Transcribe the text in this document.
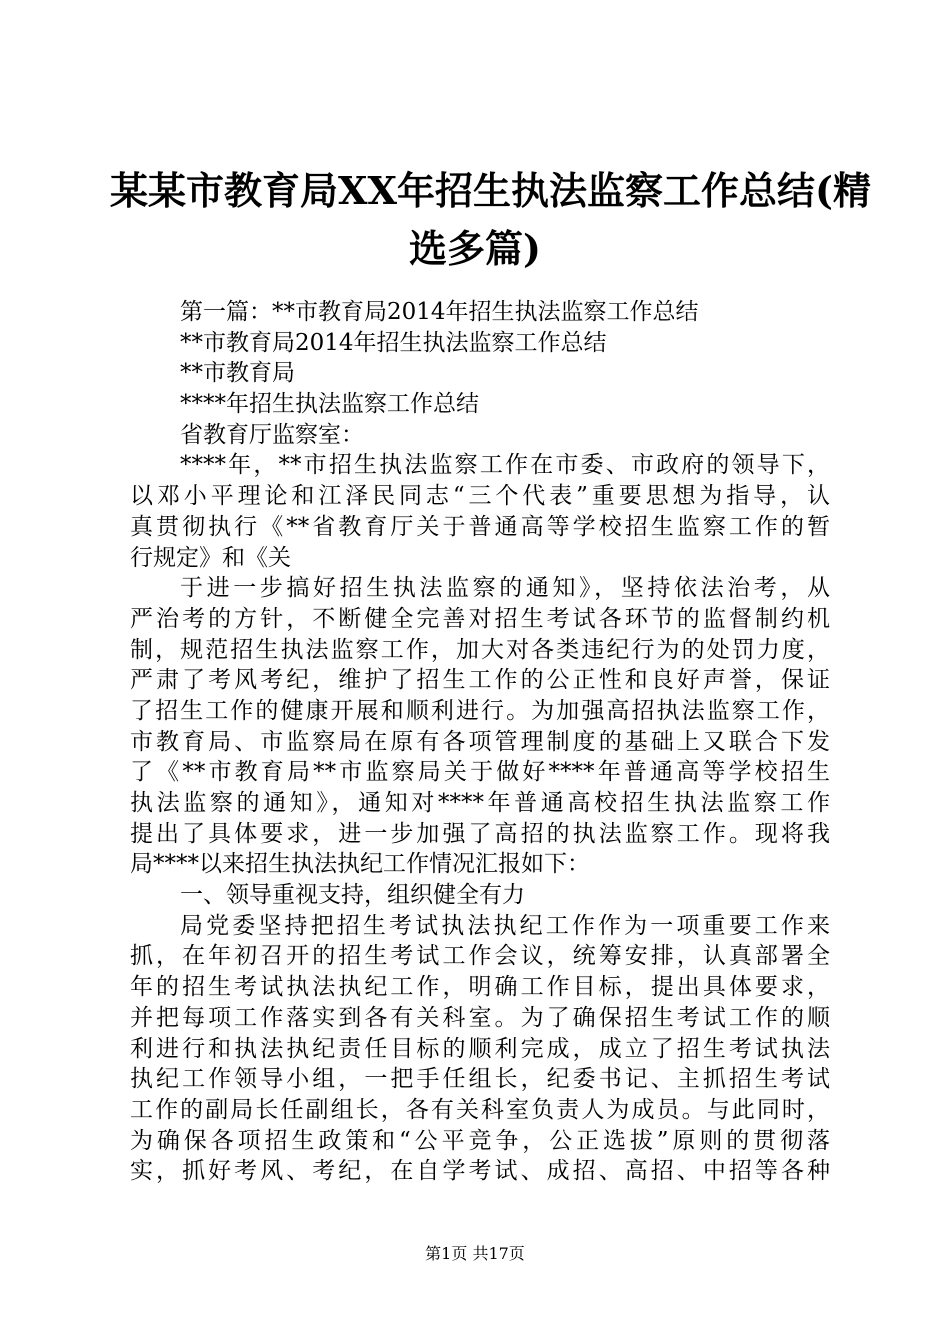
某某市教育局XX年招生执法监察工作总结(精
选多篇)
第一篇：**市教育局2014年招生执法监察工作总结
**市教育局2014年招生执法监察工作总结
**市教育局
****年招生执法监察工作总结
省教育厅监察室：
****年，**市招生执法监察工作在市委、市政府的领导下，
以邓小平理论和江泽民同志“三个代表”重要思想为指导，认
真贯彻执行《**省教育厅关于普通高等学校招生监察工作的暂
行规定》和《关
于进一步搞好招生执法监察的通知》，坚持依法治考，从
严治考的方针，不断健全完善对招生考试各环节的监督制约机
制，规范招生执法监察工作，加大对各类违纪行为的处罚力度，
严肃了考风考纪，维护了招生工作的公正性和良好声誉，保证
了招生工作的健康开展和顺利进行。为加强高招执法监察工作，
市教育局、市监察局在原有各项管理制度的基础上又联合下发
了《**市教育局**市监察局关于做好****年普通高等学校招生
执法监察的通知》，通知对****年普通高校招生执法监察工作
提出了具体要求，进一步加强了高招的执法监察工作。现将我
局****以来招生执法执纪工作情况汇报如下：
一、领导重视支持，组织健全有力
局党委坚持把招生考试执法执纪工作作为一项重要工作来
抓，在年初召开的招生考试工作会议，统筹安排，认真部署全
年的招生考试执法执纪工作，明确工作目标，提出具体要求，
并把每项工作落实到各有关科室。为了确保招生考试工作的顺
利进行和执法执纪责任目标的顺利完成，成立了招生考试执法
执纪工作领导小组，一把手任组长，纪委书记、主抓招生考试
工作的副局长任副组长，各有关科室负责人为成员。与此同时，
为确保各项招生政策和“公平竞争，公正选拔”原则的贯彻落
实，抓好考风、考纪，在自学考试、成招、高招、中招等各种
第1页 共17页
